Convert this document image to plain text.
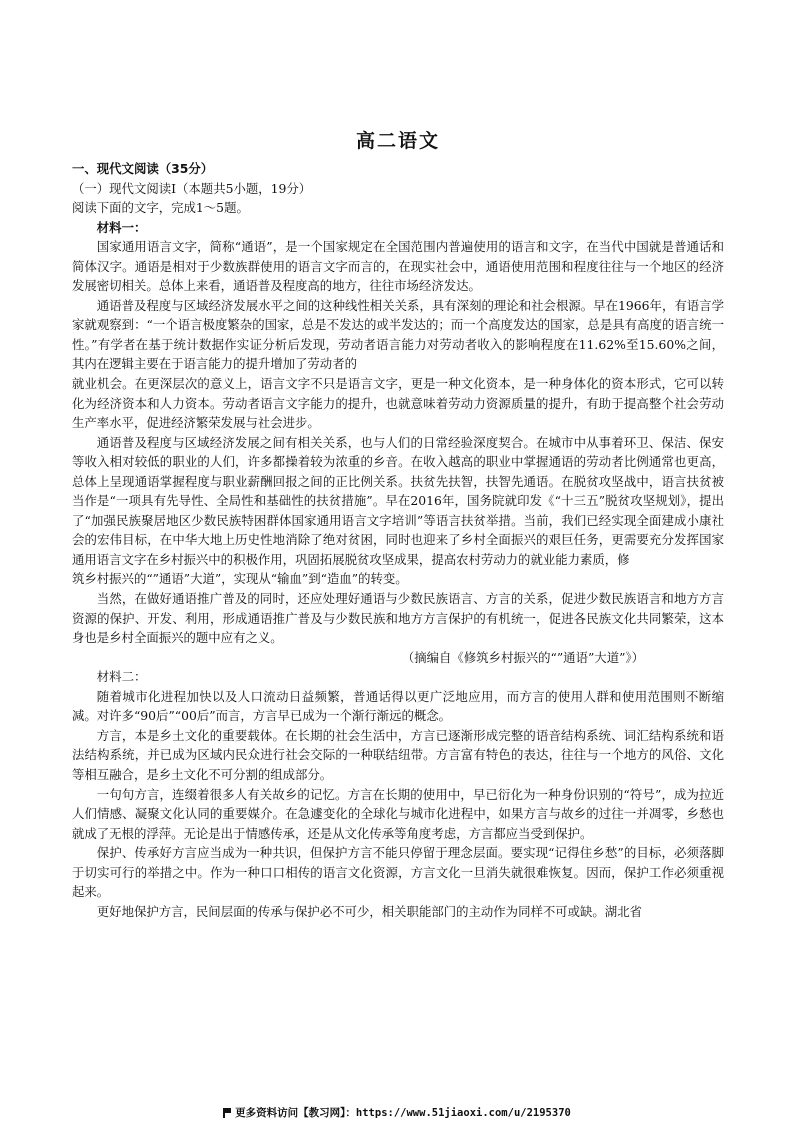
高二语文

一、现代文阅读（35分）

（一）现代文阅读Ⅰ（本题共5小题，19分）

阅读下面的文字，完成1～5题。

材料一：

国家通用语言文字，简称“通语”，是一个国家规定在全国范围内普遍使用的语言和文字，在当代中国就是普通话和简体汉字。通语是相对于少数族群使用的语言文字而言的，在现实社会中，通语使用范围和程度往往与一个地区的经济发展密切相关。总体上来看，通语普及程度高的地方，往往市场经济发达。

通语普及程度与区域经济发展水平之间的这种线性相关关系，具有深刻的理论和社会根源。早在1966年，有语言学家就观察到：“一个语言极度繁杂的国家，总是不发达的或半发达的；而一个高度发达的国家，总是具有高度的语言统一性。”有学者在基于统计数据作实证分析后发现，劳动者语言能力对劳动者收入的影响程度在11.62%至15.60%之间，其内在逻辑主要在于语言能力的提升增加了劳动者的

就业机会。在更深层次的意义上，语言文字不只是语言文字，更是一种文化资本，是一种身体化的资本形式，它可以转化为经济资本和人力资本。劳动者语言文字能力的提升，也就意味着劳动力资源质量的提升，有助于提高整个社会劳动生产率水平，促进经济繁荣发展与社会进步。

通语普及程度与区域经济发展之间有相关关系，也与人们的日常经验深度契合。在城市中从事着环卫、保洁、保安等收入相对较低的职业的人们，许多都操着较为浓重的乡音。在收入越高的职业中掌握通语的劳动者比例通常也更高，总体上呈现通语掌握程度与职业薪酬回报之间的正比例关系。扶贫先扶智，扶智先通语。在脱贫攻坚战中，语言扶贫被当作是“一项具有先导性、全局性和基础性的扶贫措施”。早在2016年，国务院就印发《“十三五”脱贫攻坚规划》，提出了“加强民族聚居地区少数民族特困群体国家通用语言文字培训”等语言扶贫举措。当前，我们已经实现全面建成小康社会的宏伟目标，在中华大地上历史性地消除了绝对贫困，同时也迎来了乡村全面振兴的艰巨任务，更需要充分发挥国家通用语言文字在乡村振兴中的积极作用，巩固拓展脱贫攻坚成果，提高农村劳动力的就业能力素质，修

筑乡村振兴的“”通语”大道”，实现从“输血”到“造血”的转变。

当然，在做好通语推广普及的同时，还应处理好通语与少数民族语言、方言的关系，促进少数民族语言和地方方言资源的保护、开发、利用，形成通语推广普及与少数民族和地方方言保护的有机统一，促进各民族文化共同繁荣，这本身也是乡村全面振兴的题中应有之义。

（摘编自《修筑乡村振兴的“”通语”大道”》）

材料二：

随着城市化进程加快以及人口流动日益频繁，普通话得以更广泛地应用，而方言的使用人群和使用范围则不断缩减。对许多“90后”“00后”而言，方言早已成为一个渐行渐远的概念。

方言，本是乡土文化的重要载体。在长期的社会生活中，方言已逐渐形成完整的语音结构系统、词汇结构系统和语法结构系统，并已成为区域内民众进行社会交际的一种联结纽带。方言富有特色的表达，往往与一个地方的风俗、文化等相互融合，是乡土文化不可分割的组成部分。

一句句方言，连缀着很多人有关故乡的记忆。方言在长期的使用中，早已衍化为一种身份识别的“符号”，成为拉近人们情感、凝聚文化认同的重要媒介。在急遽变化的全球化与城市化进程中，如果方言与故乡的过往一并凋零，乡愁也就成了无根的浮萍。无论是出于情感传承，还是从文化传承等角度考虑，方言都应当受到保护。

保护、传承好方言应当成为一种共识，但保护方言不能只停留于理念层面。要实现“记得住乡愁”的目标，必须落脚于切实可行的举措之中。作为一种口口相传的语言文化资源，方言文化一旦消失就很难恢复。因而，保护工作必须重视起来。

更好地保护方言，民间层面的传承与保护必不可少，相关职能部门的主动作为同样不可或缺。湖北省

更多资料访问【教习网】：https://www.51jiaoxi.com/u/2195370
